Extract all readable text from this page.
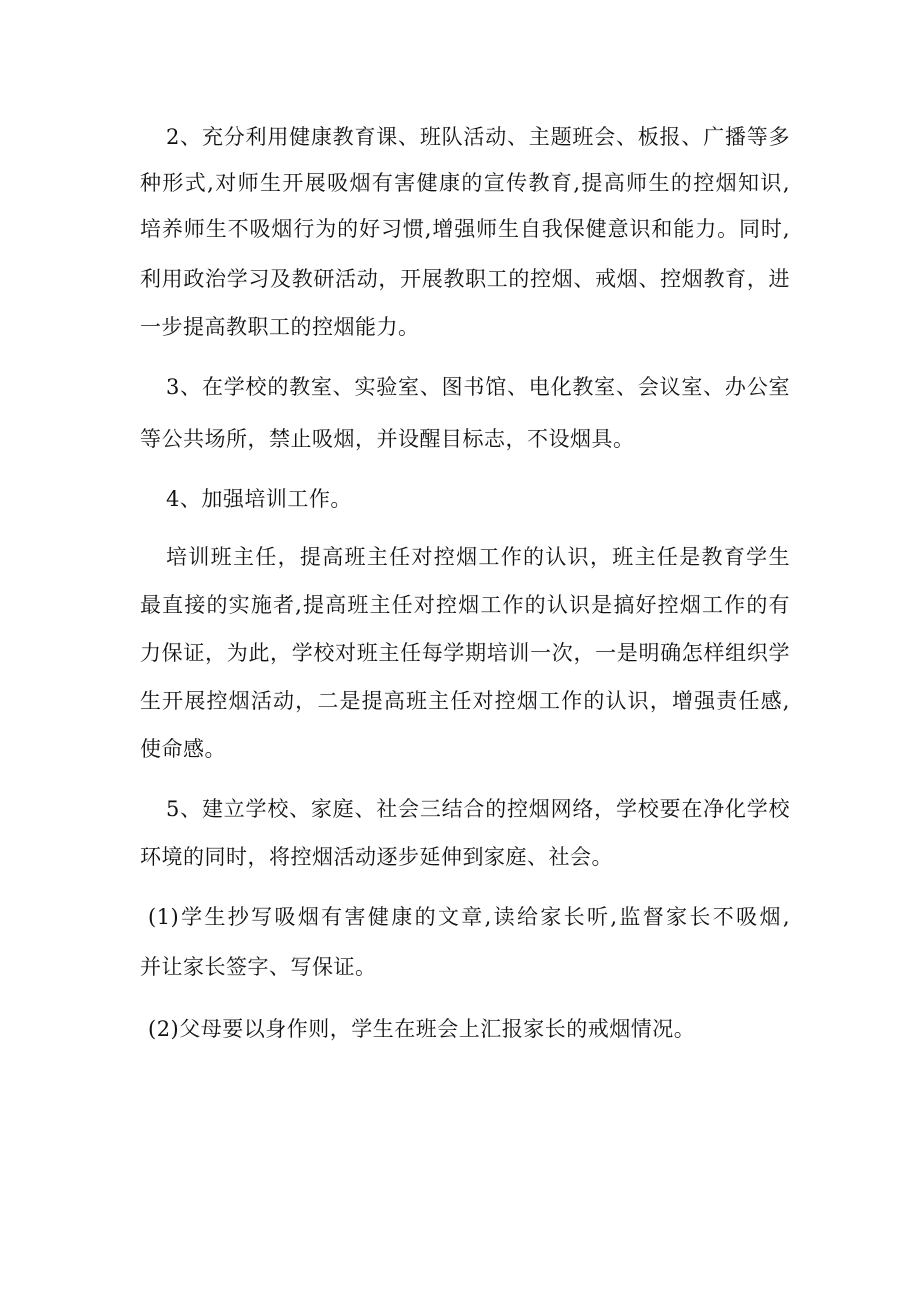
2、充分利用健康教育课、班队活动、主题班会、板报、广播等多
种形式,对师生开展吸烟有害健康的宣传教育,提高师生的控烟知识,
培养师生不吸烟行为的好习惯,增强师生自我保健意识和能力。同时,
利用政治学习及教研活动，开展教职工的控烟、戒烟、控烟教育，进
一步提高教职工的控烟能力。
3、在学校的教室、实验室、图书馆、电化教室、会议室、办公室
等公共场所，禁止吸烟，并设醒目标志，不设烟具。
4、加强培训工作。
培训班主任，提高班主任对控烟工作的认识，班主任是教育学生
最直接的实施者,提高班主任对控烟工作的认识是搞好控烟工作的有
力保证，为此，学校对班主任每学期培训一次，一是明确怎样组织学
生开展控烟活动，二是提高班主任对控烟工作的认识，增强责任感,
使命感。
5、建立学校、家庭、社会三结合的控烟网络，学校要在净化学校
环境的同时，将控烟活动逐步延伸到家庭、社会。
(1)学生抄写吸烟有害健康的文章,读给家长听,监督家长不吸烟,
并让家长签字、写保证。
(2)父母要以身作则，学生在班会上汇报家长的戒烟情况。
